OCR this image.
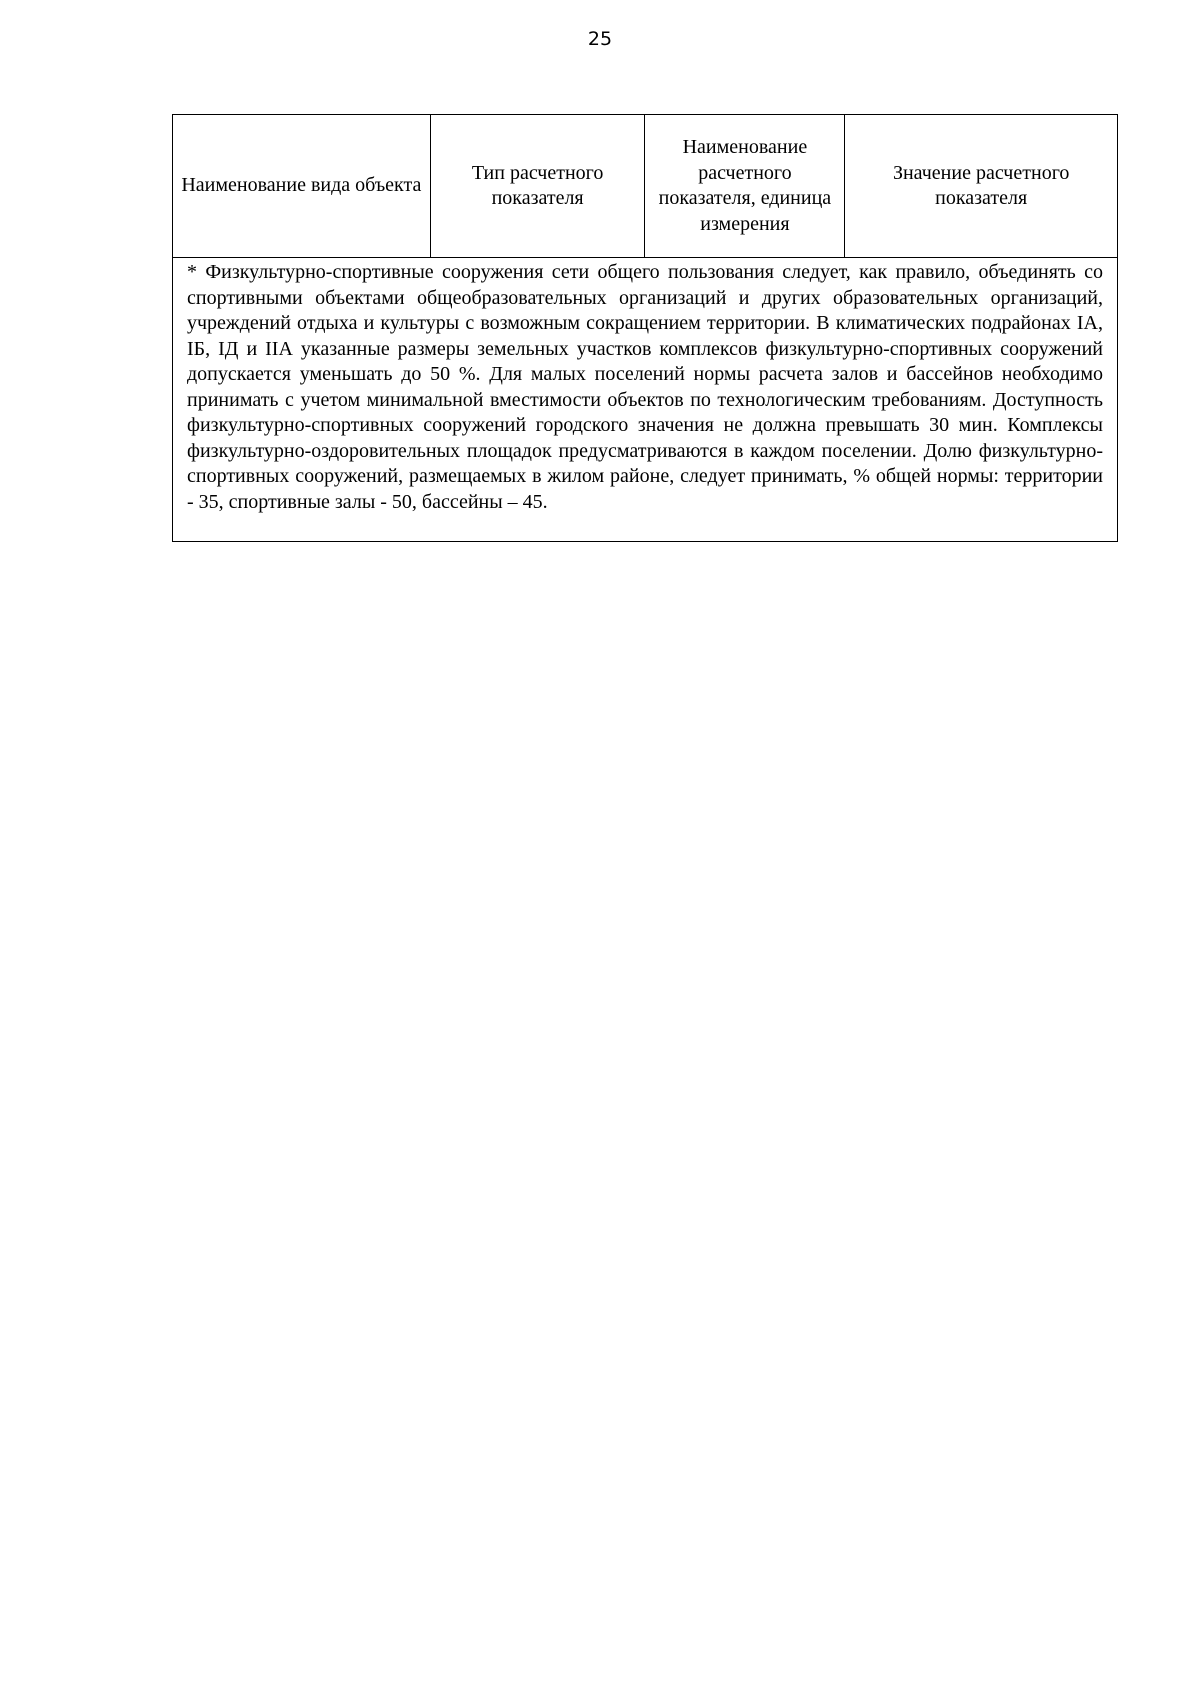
25
Наименование вида объекта	Тип расчетного показателя	Наименование расчетного показателя, единица измерения	Значение расчетного показателя
* Физкультурно-спортивные сооружения сети общего пользования следует, как правило, объединять со спортивными объектами общеобразовательных организаций и других образовательных организаций, учреждений отдыха и культуры с возможным сокращением территории. В климатических подрайонах IА, IБ, IД и IIА указанные размеры земельных участков комплексов физкультурно-спортивных сооружений допускается уменьшать до 50 %. Для малых поселений нормы расчета залов и бассейнов необходимо принимать с учетом минимальной вместимости объектов по технологическим требованиям. Доступность физкультурно-спортивных сооружений городского значения не должна превышать 30 мин. Комплексы физкультурно-оздоровительных площадок предусматриваются в каждом поселении. Долю физкультурно-спортивных сооружений, размещаемых в жилом районе, следует принимать, % общей нормы: территории - 35, спортивные залы - 50, бассейны – 45.
